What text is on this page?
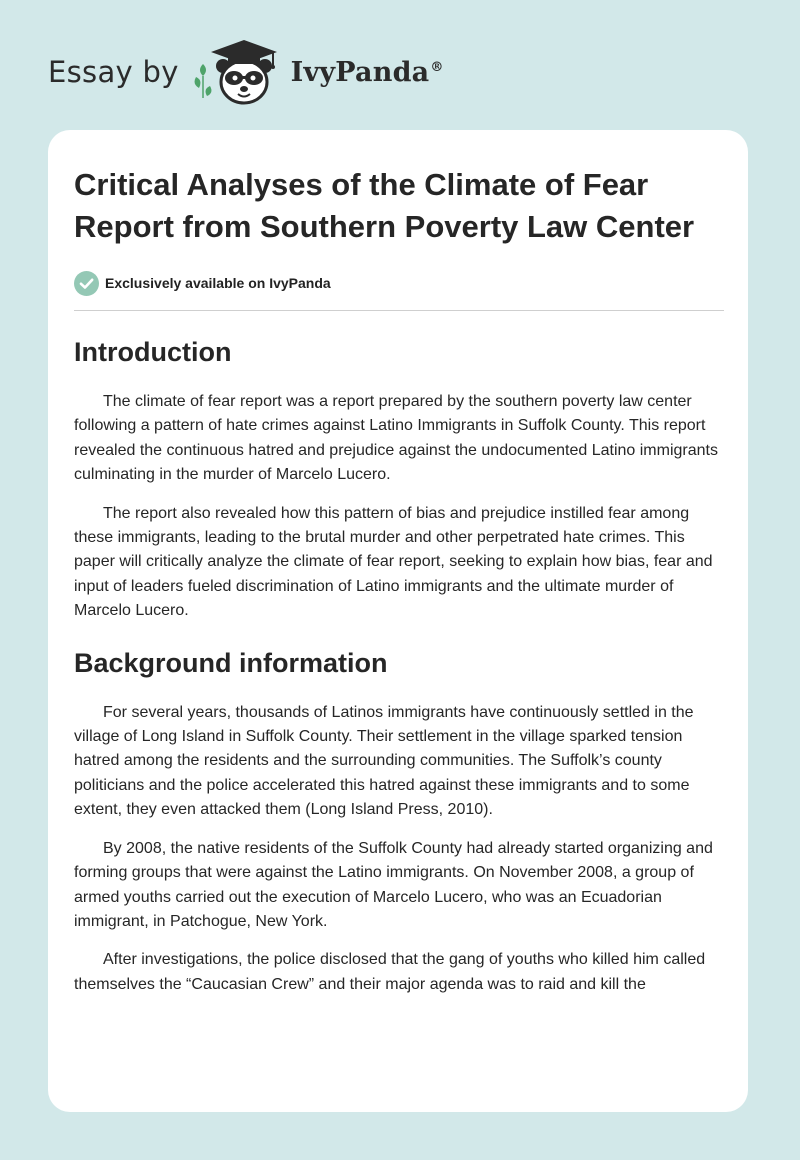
Essay by	IvyPanda®
Critical Analyses of the Climate of Fear Report from Southern Poverty Law Center
Exclusively available on IvyPanda
Introduction

The climate of fear report was a report prepared by the southern poverty law center following a pattern of hate crimes against Latino Immigrants in Suffolk County. This report revealed the continuous hatred and prejudice against the undocumented Latino immigrants culminating in the murder of Marcelo Lucero.

The report also revealed how this pattern of bias and prejudice instilled fear among these immigrants, leading to the brutal murder and other perpetrated hate crimes. This paper will critically analyze the climate of fear report, seeking to explain how bias, fear and input of leaders fueled discrimination of Latino immigrants and the ultimate murder of Marcelo Lucero.

Background information

For several years, thousands of Latinos immigrants have continuously settled in the village of Long Island in Suffolk County. Their settlement in the village sparked tension hatred among the residents and the surrounding communities. The Suffolk’s county politicians and the police accelerated this hatred against these immigrants and to some extent, they even attacked them (Long Island Press, 2010).

By 2008, the native residents of the Suffolk County had already started organizing and forming groups that were against the Latino immigrants. On November 2008, a group of armed youths carried out the execution of Marcelo Lucero, who was an Ecuadorian immigrant, in Patchogue, New York.

After investigations, the police disclosed that the gang of youths who killed him called themselves the “Caucasian Crew” and their major agenda was to raid and kill the
